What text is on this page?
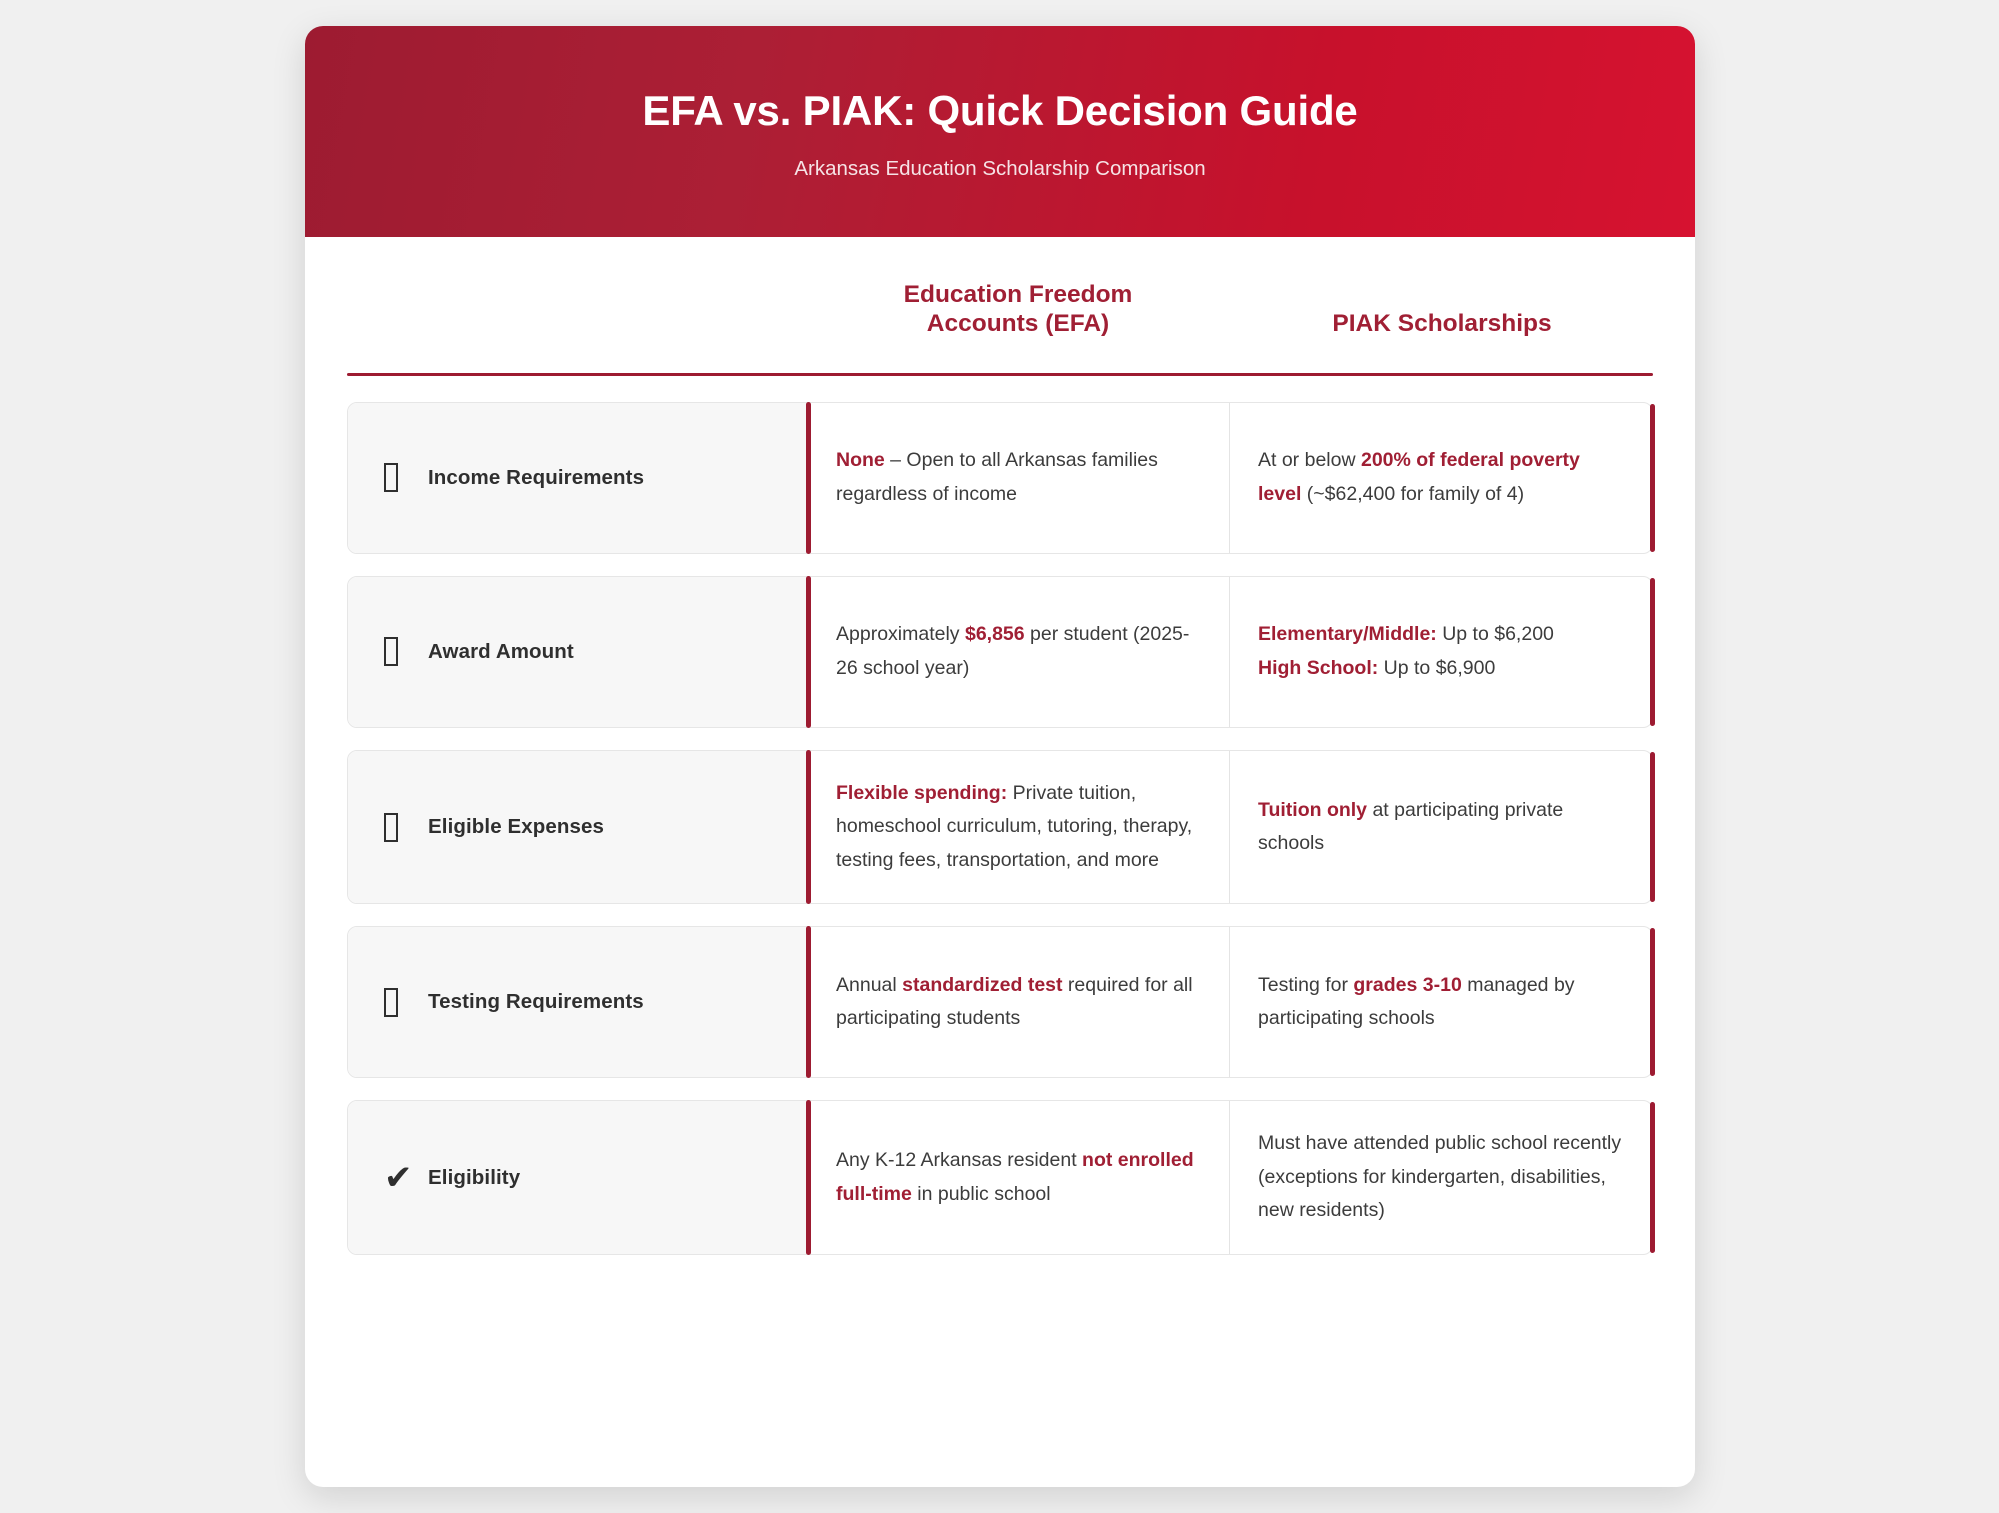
EFA vs. PIAK: Quick Decision Guide
Arkansas Education Scholarship Comparison
Education Freedom
Accounts (EFA)	PIAK Scholarships
Income Requirements
None – Open to all Arkansas families regardless of income
At or below 200% of federal poverty level (~$62,400 for family of 4)
Award Amount
Approximately $6,856 per student (2025-26 school year)
Elementary/Middle: Up to $6,200
High School: Up to $6,900
Eligible Expenses
Flexible spending: Private tuition, homeschool curriculum, tutoring, therapy, testing fees, transportation, and more
Tuition only at participating private schools
Testing Requirements
Annual standardized test required for all participating students
Testing for grades 3-10 managed by participating schools
✔ Eligibility
Any K-12 Arkansas resident not enrolled full-time in public school
Must have attended public school recently (exceptions for kindergarten, disabilities, new residents)
